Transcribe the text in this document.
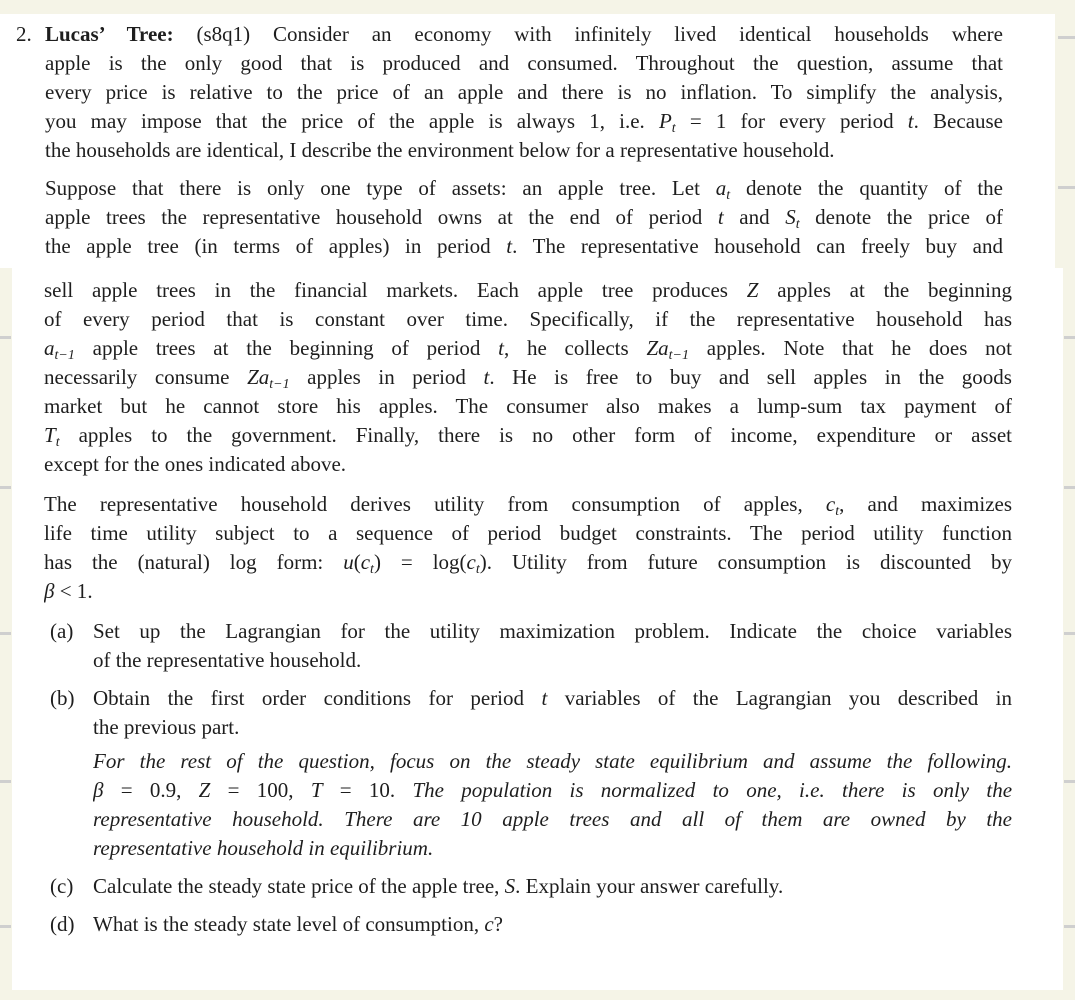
2. Lucas’ Tree: (s8q1) Consider an economy with infinitely lived identical households where
apple is the only good that is produced and consumed. Throughout the question, assume that
every price is relative to the price of an apple and there is no inflation. To simplify the analysis,
you may impose that the price of the apple is always 1, i.e. $P_t = 1$ for every period t. Because
the households are identical, I describe the environment below for a representative household.
Suppose that there is only one type of assets: an apple tree. Let $a_t$ denote the quantity of the
apple trees the representative household owns at the end of period t and $S_t$ denote the price of
the apple tree (in terms of apples) in period t. The representative household can freely buy and
sell apple trees in the financial markets. Each apple tree produces Z apples at the beginning
of every period that is constant over time. Specifically, if the representative household has
$a_{t-1}$ apple trees at the beginning of period t, he collects $Za_{t-1}$ apples. Note that he does not
necessarily consume $Za_{t-1}$ apples in period t. He is free to buy and sell apples in the goods
market but he cannot store his apples. The consumer also makes a lump-sum tax payment of
$T_t$ apples to the government. Finally, there is no other form of income, expenditure or asset
except for the ones indicated above.
The representative household derives utility from consumption of apples, $c_t$, and maximizes
life time utility subject to a sequence of period budget constraints. The period utility function
has the (natural) log form: $u(c_t) = \log(c_t)$. Utility from future consumption is discounted by
β < 1.
(a) Set up the Lagrangian for the utility maximization problem. Indicate the choice variables
of the representative household.
(b) Obtain the first order conditions for period t variables of the Lagrangian you described in
the previous part.
For the rest of the question, focus on the steady state equilibrium and assume the following.
β = 0.9, Z = 100, T = 10. The population is normalized to one, i.e. there is only the
representative household. There are 10 apple trees and all of them are owned by the
representative household in equilibrium.
(c) Calculate the steady state price of the apple tree, S. Explain your answer carefully.
(d) What is the steady state level of consumption, c?
